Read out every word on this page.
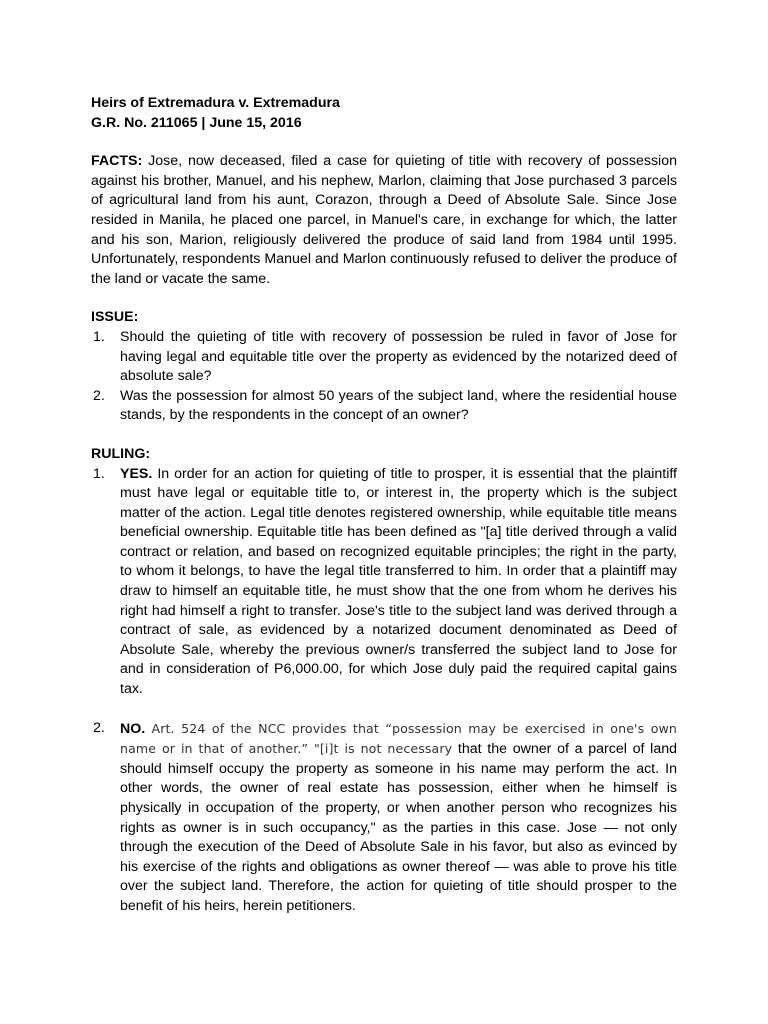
Heirs of Extremadura v. Extremadura
G.R. No. 211065 | June 15, 2016
FACTS: Jose, now deceased, filed a case for quieting of title with recovery of possession against his brother, Manuel, and his nephew, Marlon, claiming that Jose purchased 3 parcels of agricultural land from his aunt, Corazon, through a Deed of Absolute Sale. Since Jose resided in Manila, he placed one parcel, in Manuel's care, in exchange for which, the latter and his son, Marion, religiously delivered the produce of said land from 1984 until 1995. Unfortunately, respondents Manuel and Marlon continuously refused to deliver the produce of the land or vacate the same.
ISSUE:
1. Should the quieting of title with recovery of possession be ruled in favor of Jose for having legal and equitable title over the property as evidenced by the notarized deed of absolute sale?
2. Was the possession for almost 50 years of the subject land, where the residential house stands, by the respondents in the concept of an owner?
RULING:
1. YES. In order for an action for quieting of title to prosper, it is essential that the plaintiff must have legal or equitable title to, or interest in, the property which is the subject matter of the action. Legal title denotes registered ownership, while equitable title means beneficial ownership. Equitable title has been defined as "[a] title derived through a valid contract or relation, and based on recognized equitable principles; the right in the party, to whom it belongs, to have the legal title transferred to him. In order that a plaintiff may draw to himself an equitable title, he must show that the one from whom he derives his right had himself a right to transfer. Jose's title to the subject land was derived through a contract of sale, as evidenced by a notarized document denominated as Deed of Absolute Sale, whereby the previous owner/s transferred the subject land to Jose for and in consideration of P6,000.00, for which Jose duly paid the required capital gains tax.
2. NO. Art. 524 of the NCC provides that “possession may be exercised in one's own name or in that of another.” "[i]t is not necessary that the owner of a parcel of land should himself occupy the property as someone in his name may perform the act. In other words, the owner of real estate has possession, either when he himself is physically in occupation of the property, or when another person who recognizes his rights as owner is in such occupancy," as the parties in this case. Jose — not only through the execution of the Deed of Absolute Sale in his favor, but also as evinced by his exercise of the rights and obligations as owner thereof — was able to prove his title over the subject land. Therefore, the action for quieting of title should prosper to the benefit of his heirs, herein petitioners.
